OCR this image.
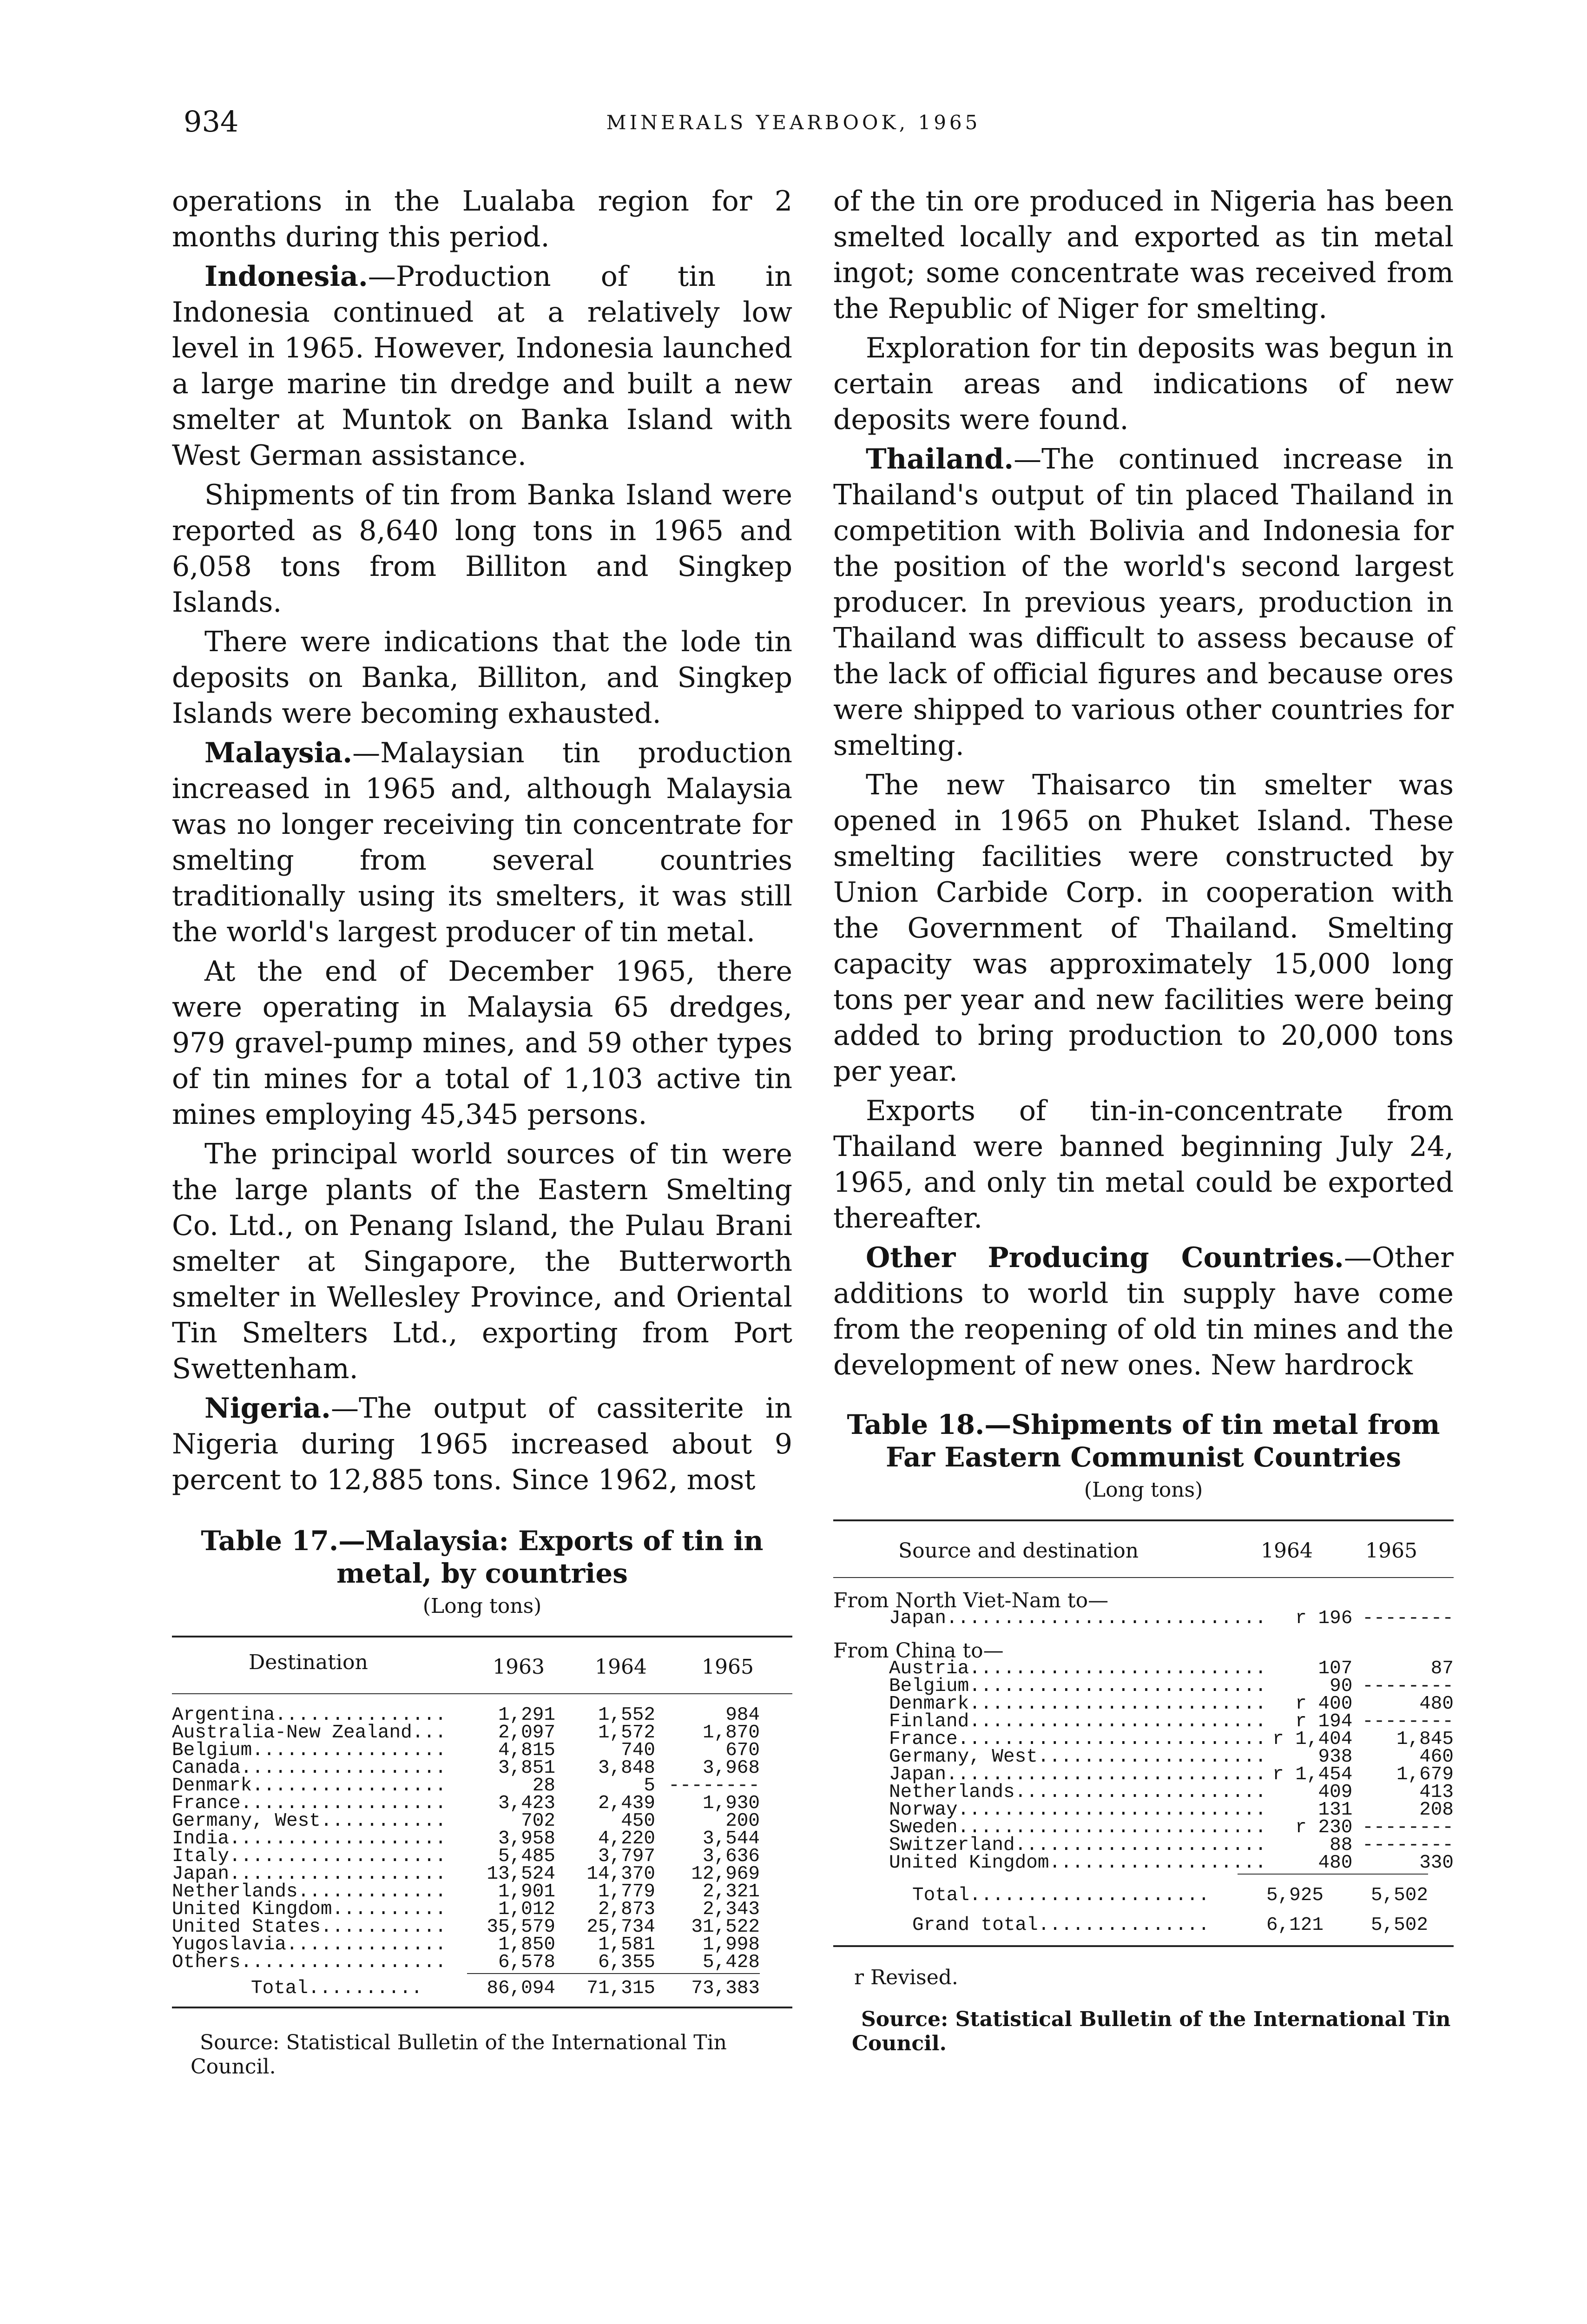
934	MINERALS YEARBOOK, 1965

operations in the Lualaba region for 2 months during this period.

Indonesia.—Production of tin in Indonesia continued at a relatively low level in 1965. However, Indonesia launched a large marine tin dredge and built a new smelter at Muntok on Banka Island with West German assistance.

Shipments of tin from Banka Island were reported as 8,640 long tons in 1965 and 6,058 tons from Billiton and Singkep Islands.

There were indications that the lode tin deposits on Banka, Billiton, and Singkep Islands were becoming exhausted.

Malaysia.—Malaysian tin production increased in 1965 and, although Malaysia was no longer receiving tin concentrate for smelting from several countries traditionally using its smelters, it was still the world's largest producer of tin metal.

At the end of December 1965, there were operating in Malaysia 65 dredges, 979 gravel-pump mines, and 59 other types of tin mines for a total of 1,103 active tin mines employing 45,345 persons.

The principal world sources of tin were the large plants of the Eastern Smelting Co. Ltd., on Penang Island, the Pulau Brani smelter at Singapore, the Butterworth smelter in Wellesley Province, and Oriental Tin Smelters Ltd., exporting from Port Swettenham.

Nigeria.—The output of cassiterite in Nigeria during 1965 increased about 9 percent to 12,885 tons. Since 1962, most

of the tin ore produced in Nigeria has been smelted locally and exported as tin metal ingot; some concentrate was received from the Republic of Niger for smelting.

Exploration for tin deposits was begun in certain areas and indications of new deposits were found.

Thailand.—The continued increase in Thailand's output of tin placed Thailand in competition with Bolivia and Indonesia for the position of the world's second largest producer. In previous years, production in Thailand was difficult to assess because of the lack of official figures and because ores were shipped to various other countries for smelting.

The new Thaisarco tin smelter was opened in 1965 on Phuket Island. These smelting facilities were constructed by Union Carbide Corp. in cooperation with the Government of Thailand. Smelting capacity was approximately 15,000 long tons per year and new facilities were being added to bring production to 20,000 tons per year.

Exports of tin-in-concentrate from Thailand were banned beginning July 24, 1965, and only tin metal could be exported thereafter.

Other Producing Countries.—Other additions to world tin supply have come from the reopening of old tin mines and the development of new ones. New hardrock

Table 17.—Malaysia: Exports of tin in
metal, by countries
(Long tons)
Destination	1963 1964	1965
Argentina...............	1,291	1,552	984	
Australia-New Zealand...	2,097	1,572	1,870	
Belgium.................	4,815	740	670	
Canada..................	3,851	3,848	3,968	
Denmark.................	28	5	--------	
France..................	3,423	2,439	1,930	
Germany, West...........	702	450	200	
India...................	3,958	4,220	3,544	
Italy...................	5,485	3,797	3,636	
Japan...................	13,524	14,370	12,969	
Netherlands.............	1,901	1,779	2,321	
United Kingdom..........	1,012	2,873	2,343	
United States...........	35,579	25,734	31,522	
Yugoslavia..............	1,850	1,581	1,998	
Others..................	6,578	6,355	5,428	
Total..........	86,094	71,315	73,383	
Source: Statistical Bulletin of the International Tin Council.
Table 18.—Shipments of tin metal from
Far Eastern Communist Countries
(Long tons)
Source and destination	1964	1965
From North Viet-Nam to—			
Japan............................	r 196	--------	

From China to—			
Austria..........................	107	87	
Belgium..........................	90	--------	
Denmark..........................	r 400	480	
Finland..........................	r 194	--------	
France...........................	r 1,404	1,845	
Germany, West....................	938	460	
Japan............................	r 1,454	1,679	
Netherlands......................	409	413	
Norway...........................	131	208	
Sweden...........................	r 230	--------	
Switzerland......................	88	--------	
United Kingdom...................	480	330	
Total.....................	5,925	5,502	

Grand total...............	6,121	5,502	
r Revised.
Source: Statistical Bulletin of the International Tin Council.
